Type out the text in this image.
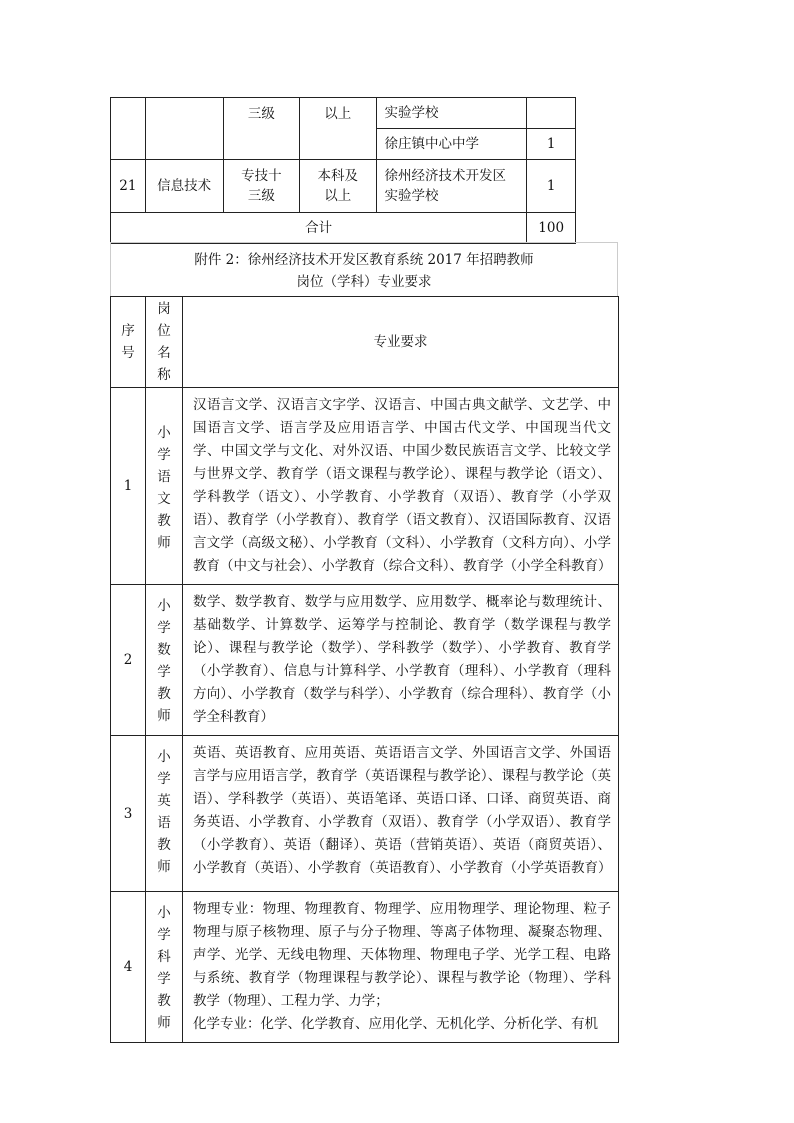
		三级	以上	实验学校	
				徐庄镇中心中学	1
21	信息技术	专技十三级	本科及以上	徐州经济技术开发区实验学校	1
合计					100
附件 2：徐州经济技术开发区教育系统 2017 年招聘教师
岗位（学科）专业要求
序号	岗位名称	专业要求
1	小学语文教师	汉语言文学、汉语言文字学、汉语言、中国古典文献学、文艺学、中国语言文学、语言学及应用语言学、中国古代文学、中国现当代文学、中国文学与文化、对外汉语、中国少数民族语言文学、比较文学与世界文学、教育学（语文课程与教学论）、课程与教学论（语文）、学科教学（语文）、小学教育、小学教育（双语）、教育学（小学双语）、教育学（小学教育）、教育学（语文教育）、汉语国际教育、汉语言文学（高级文秘）、小学教育（文科）、小学教育（文科方向）、小学教育（中文与社会）、小学教育（综合文科）、教育学（小学全科教育）
2	小学数学教师	数学、数学教育、数学与应用数学、应用数学、概率论与数理统计、基础数学、计算数学、运筹学与控制论、教育学（数学课程与教学论）、课程与教学论（数学）、学科教学（数学）、小学教育、教育学（小学教育）、信息与计算科学、小学教育（理科）、小学教育（理科方向）、小学教育（数学与科学）、小学教育（综合理科）、教育学（小学全科教育）
3	小学英语教师	英语、英语教育、应用英语、英语语言文学、外国语言文学、外国语言学与应用语言学，教育学（英语课程与教学论）、课程与教学论（英语）、学科教学（英语）、英语笔译、英语口译、口译、商贸英语、商务英语、小学教育、小学教育（双语）、教育学（小学双语）、教育学（小学教育）、英语（翻译）、英语（营销英语）、英语（商贸英语）、小学教育（英语）、小学教育（英语教育）、小学教育（小学英语教育）
4	小学科学教师	物理专业：物理、物理教育、物理学、应用物理学、理论物理、粒子物理与原子核物理、原子与分子物理、等离子体物理、凝聚态物理、声学、光学、无线电物理、天体物理、物理电子学、光学工程、电路与系统、教育学（物理课程与教学论）、课程与教学论（物理）、学科教学（物理）、工程力学、力学；
化学专业：化学、化学教育、应用化学、无机化学、分析化学、有机
